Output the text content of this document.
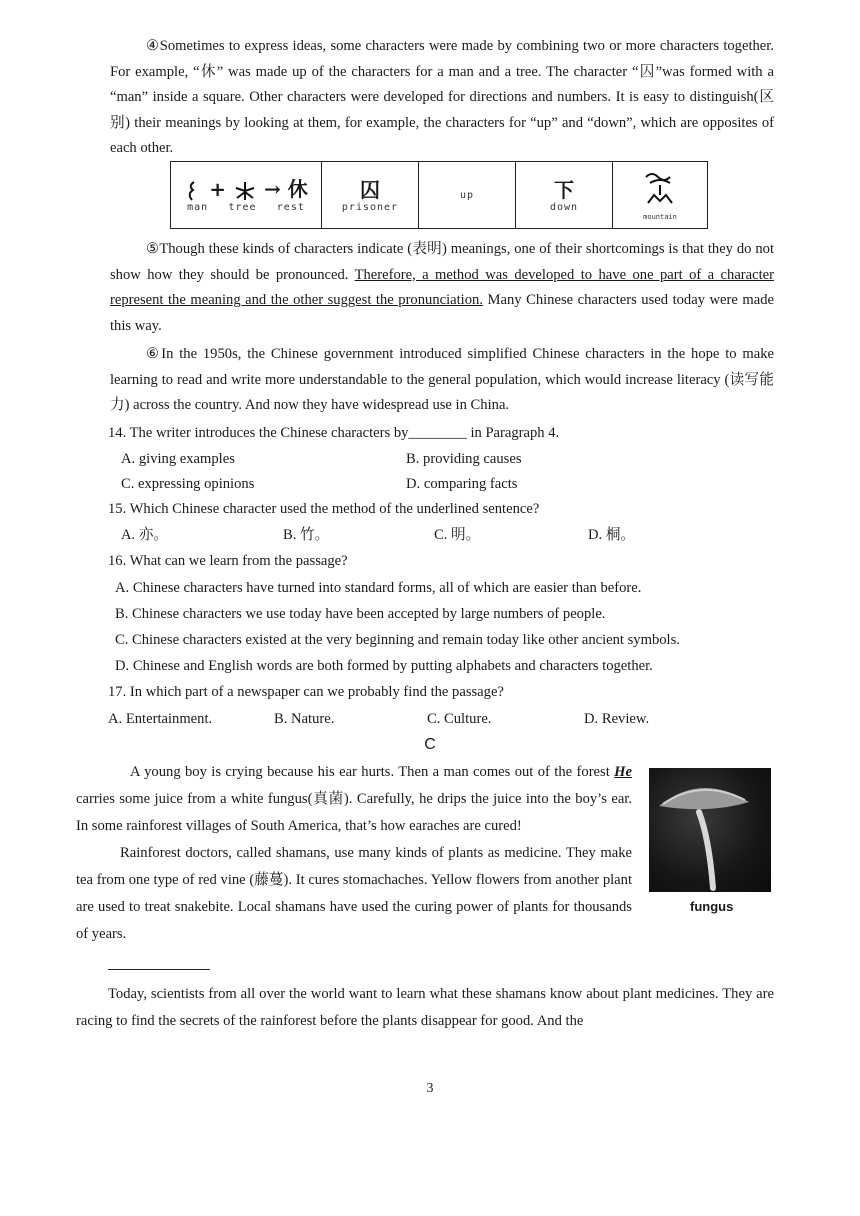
④Sometimes to express ideas, some characters were made by combining two or more characters together. For example, “休” was made up of the characters for a man and a tree. The character “囚”was formed with a “man” inside a square. Other characters were developed for directions and numbers. It is easy to distinguish(区别) their meanings by looking at them, for example, the characters for “up” and “down”, which are opposites of each other.

+ → 休
man tree rest

囚
prisoner

up	下
down

mountain

⑤Though these kinds of characters indicate (表明) meanings, one of their shortcomings is that they do not show how they should be pronounced. Therefore, a method was developed to have one part of a character represent the meaning and the other suggest the pronunciation. Many Chinese characters used today were made this way.

⑥In the 1950s, the Chinese government introduced simplified Chinese characters in the hope to make learning to read and write more understandable to the general population, which would increase literacy (读写能力) across the country. And now they have widespread use in China.

14. The writer introduces the Chinese characters by________ in Paragraph 4.
A. giving examples	B. providing causes
C. expressing opinions	D. comparing facts
15. Which Chinese character used the method of the underlined sentence?
A. 亦。	B. 竹。	C. 明。	D. 桐。
16. What can we learn from the passage?
A. Chinese characters have turned into standard forms, all of which are easier than before.
B. Chinese characters we use today have been accepted by large numbers of people.
C. Chinese characters existed at the very beginning and remain today like other ancient symbols.
D. Chinese and English words are both formed by putting alphabets and characters together.
17. In which part of a newspaper can we probably find the passage?
A. Entertainment.	B. Nature.	C. Culture.	D. Review.
C

A young boy is crying because his ear hurts. Then a man comes out of the forest He carries some juice from a white fungus(真菌). Carefully, he drips the juice into the boy’s ear. In some rainforest villages of South America, that’s how earaches are cured!

Rainforest doctors, called shamans, use many kinds of plants as medicine. They make tea from one type of red vine (藤蔓). It cures stomachaches. Yellow flowers from another plant are used to treat snakebite. Local shamans have used the curing power of plants for thousands of years.

fungus

Today, scientists from all over the world want to learn what these shamans know about plant medicines. They are racing to find the secrets of the rainforest before the plants disappear for good. And the

3
